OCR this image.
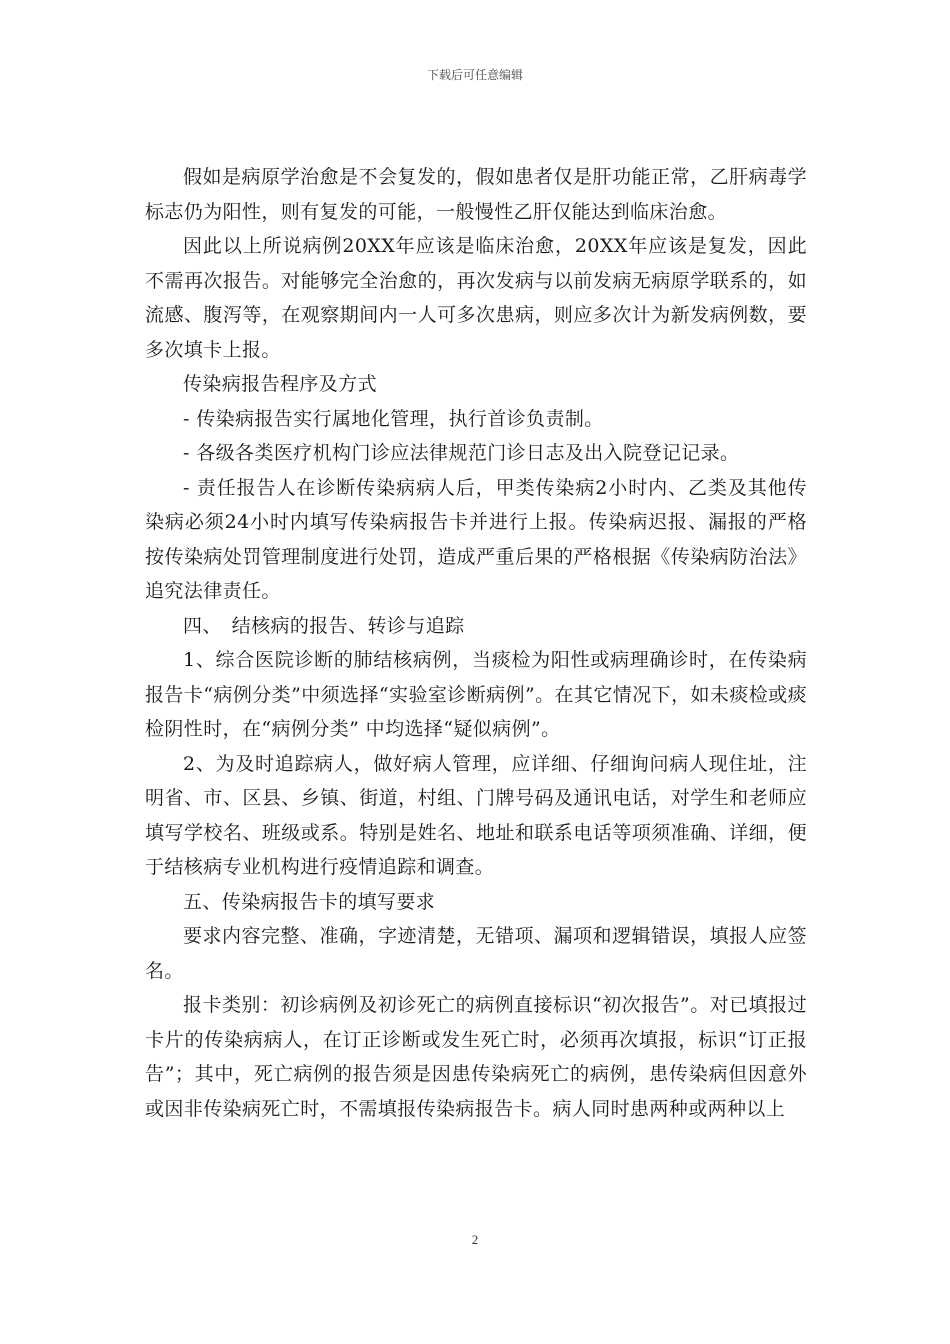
下载后可任意编辑

假如是病原学治愈是不会复发的，假如患者仅是肝功能正常，乙肝病毒学标志仍为阳性，则有复发的可能，一般慢性乙肝仅能达到临床治愈。

因此以上所说病例20XX年应该是临床治愈，20XX年应该是复发，因此不需再次报告。对能够完全治愈的，再次发病与以前发病无病原学联系的，如流感、腹泻等，在观察期间内一人可多次患病，则应多次计为新发病例数，要多次填卡上报。

传染病报告程序及方式

- 传染病报告实行属地化管理，执行首诊负责制。

- 各级各类医疗机构门诊应法律规范门诊日志及出入院登记记录。

- 责任报告人在诊断传染病病人后，甲类传染病2小时内、乙类及其他传染病必须24小时内填写传染病报告卡并进行上报。传染病迟报、漏报的严格按传染病处罚管理制度进行处罚，造成严重后果的严格根据《传染病防治法》追究法律责任。

四、　结核病的报告、转诊与追踪

1、综合医院诊断的肺结核病例，当痰检为阳性或病理确诊时，在传染病报告卡“病例分类”中须选择“实验室诊断病例”。在其它情况下，如未痰检或痰检阴性时，在“病例分类” 中均选择“疑似病例”。

2、为及时追踪病人，做好病人管理，应详细、仔细询问病人现住址，注明省、市、区县、乡镇、街道，村组、门牌号码及通讯电话，对学生和老师应填写学校名、班级或系。特别是姓名、地址和联系电话等项须准确、详细，便于结核病专业机构进行疫情追踪和调查。

五、传染病报告卡的填写要求

要求内容完整、准确，字迹清楚，无错项、漏项和逻辑错误，填报人应签名。

报卡类别：初诊病例及初诊死亡的病例直接标识“初次报告”。对已填报过卡片的传染病病人，在订正诊断或发生死亡时，必须再次填报，标识“订正报告”；其中，死亡病例的报告须是因患传染病死亡的病例，患传染病但因意外或因非传染病死亡时，不需填报传染病报告卡。病人同时患两种或两种以上

2
